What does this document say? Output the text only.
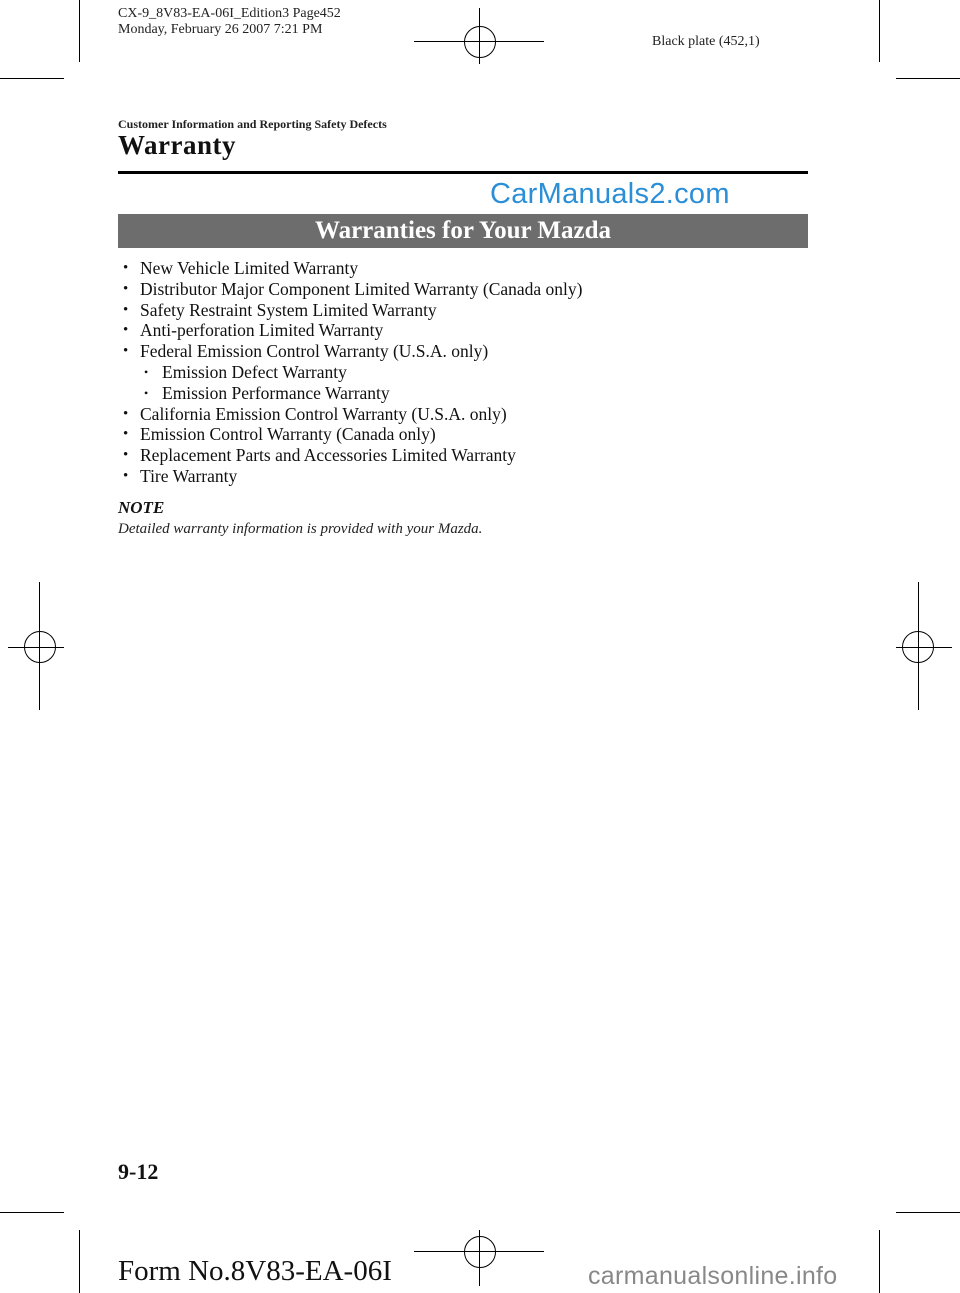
CX-9_8V83-EA-06I_Edition3 Page452
Monday, February 26 2007 7:21 PM
Black plate (452,1)
Customer Information and Reporting Safety Defects
Warranty
CarManuals2.com
Warranties for Your Mazda
• New Vehicle Limited Warranty
• Distributor Major Component Limited Warranty (Canada only)
• Safety Restraint System Limited Warranty
• Anti-perforation Limited Warranty
• Federal Emission Control Warranty (U.S.A. only)
• Emission Defect Warranty
• Emission Performance Warranty
• California Emission Control Warranty (U.S.A. only)
• Emission Control Warranty (Canada only)
• Replacement Parts and Accessories Limited Warranty
• Tire Warranty
NOTE
Detailed warranty information is provided with your Mazda.
9-12
Form No.8V83-EA-06I	carmanualsonline.info
